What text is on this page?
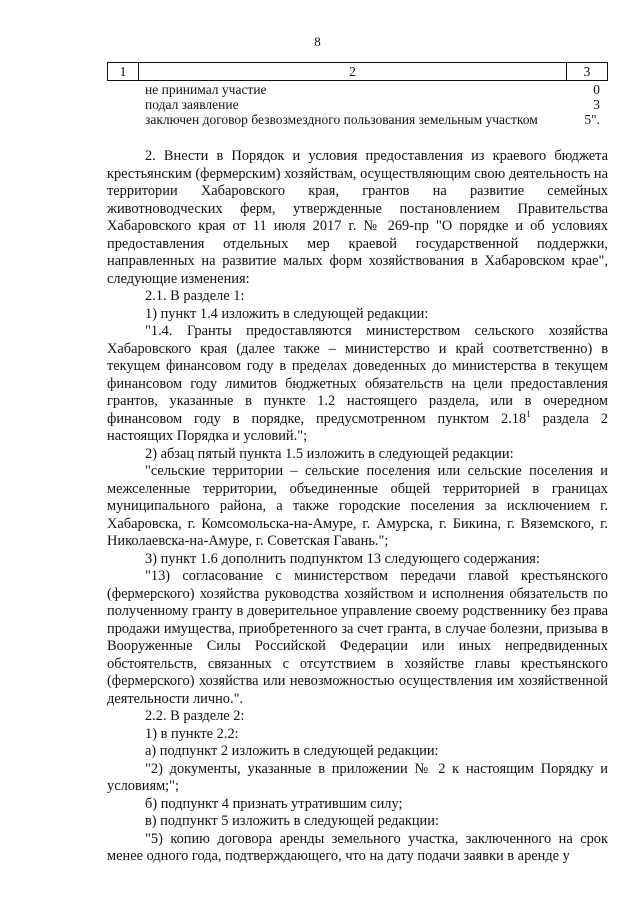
8
1	2	3
не принимал участие	0
подал заявление	3
заключен договор безвозмездного пользования земельным участком	5".

2. Внести в Порядок и условия предоставления из краевого бюджета крестьянским (фермерским) хозяйствам, осуществляющим свою деятельность на территории Хабаровского края, грантов на развитие семейных животноводческих ферм, утвержденные постановлением Правительства Хабаровского края от 11 июля 2017 г. № 269-пр "О порядке и об условиях предоставления отдельных мер краевой государственной поддержки, направленных на развитие малых форм хозяйствования в Хабаровском крае", следующие изменения:

2.1. В разделе 1:

1) пункт 1.4 изложить в следующей редакции:

"1.4. Гранты предоставляются министерством сельского хозяйства Хабаровского края (далее также – министерство и край соответственно) в текущем финансовом году в пределах доведенных до министерства в текущем финансовом году лимитов бюджетных обязательств на цели предоставления грантов, указанные в пункте 1.2 настоящего раздела, или в очередном финансовом году в порядке, предусмотренном пунктом 2.18$^1$ раздела 2 настоящих Порядка и условий.";

2) абзац пятый пункта 1.5 изложить в следующей редакции:

"сельские территории – сельские поселения или сельские поселения и межселенные территории, объединенные общей территорией в границах муниципального района, а также городские поселения за исключением г. Хабаровска, г. Комсомольска-на-Амуре, г. Амурска, г. Бикина, г. Вяземского, г. Николаевска-на-Амуре, г. Советская Гавань.";

3) пункт 1.6 дополнить подпунктом 13 следующего содержания:

"13) согласование с министерством передачи главой крестьянского (фермерского) хозяйства руководства хозяйством и исполнения обязательств по полученному гранту в доверительное управление своему родственнику без права продажи имущества, приобретенного за счет гранта, в случае болезни, призыва в Вооруженные Силы Российской Федерации или иных непредвиденных обстоятельств, связанных с отсутствием в хозяйстве главы крестьянского (фермерского) хозяйства или невозможностью осуществления им хозяйственной деятельности лично.".

2.2. В разделе 2:

1) в пункте 2.2:

а) подпункт 2 изложить в следующей редакции:

"2) документы, указанные в приложении № 2 к настоящим Порядку и условиям;";

б) подпункт 4 признать утратившим силу;

в) подпункт 5 изложить в следующей редакции:

"5) копию договора аренды земельного участка, заключенного на срок менее одного года, подтверждающего, что на дату подачи заявки в аренде у
